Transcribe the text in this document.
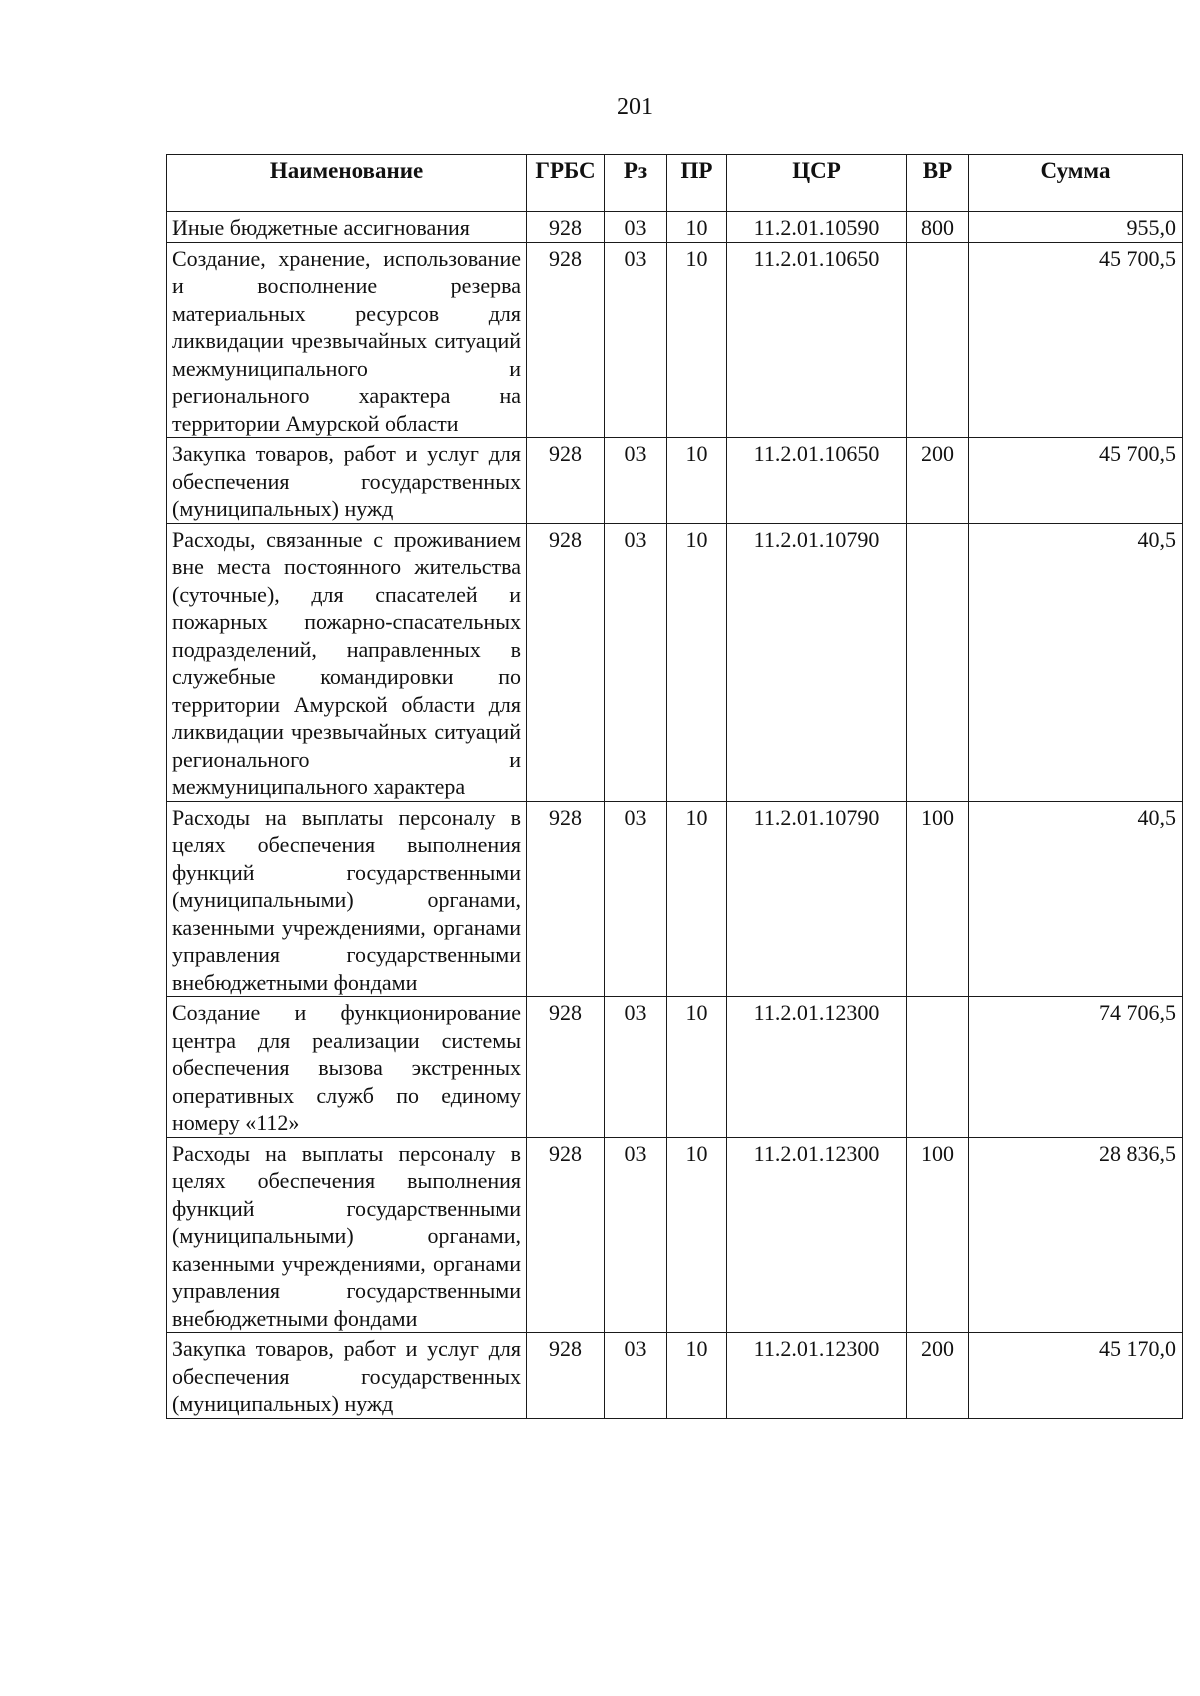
201
Наименование	ГРБС	Рз	ПР	ЦСР	ВР	Сумма
Иные бюджетные ассигнования	928	03	10	11.2.01.10590	800	955,0
Создание, хранение, использование и восполнение резерва материальных ресурсов для ликвидации чрезвычайных ситуаций межмуниципального и регионального характера на территории Амурской области	928	03	10	11.2.01.10650		45 700,5
Закупка товаров, работ и услуг для обеспечения государственных (муниципальных) нужд	928	03	10	11.2.01.10650	200	45 700,5
Расходы, связанные с проживанием вне места постоянного жительства (суточные), для спасателей и пожарных пожарно-спасательных подразделений, направленных в служебные командировки по территории Амурской области для ликвидации чрезвычайных ситуаций регионального и межмуниципального характера	928	03	10	11.2.01.10790		40,5
Расходы на выплаты персоналу в целях обеспечения выполнения функций государственными (муниципальными) органами, казенными учреждениями, органами управления государственными внебюджетными фондами	928	03	10	11.2.01.10790	100	40,5
Создание и функционирование центра для реализации системы обеспечения вызова экстренных оперативных служб по единому номеру «112»	928	03	10	11.2.01.12300		74 706,5
Расходы на выплаты персоналу в целях обеспечения выполнения функций государственными (муниципальными) органами, казенными учреждениями, органами управления государственными внебюджетными фондами	928	03	10	11.2.01.12300	100	28 836,5
Закупка товаров, работ и услуг для обеспечения государственных (муниципальных) нужд	928	03	10	11.2.01.12300	200	45 170,0
